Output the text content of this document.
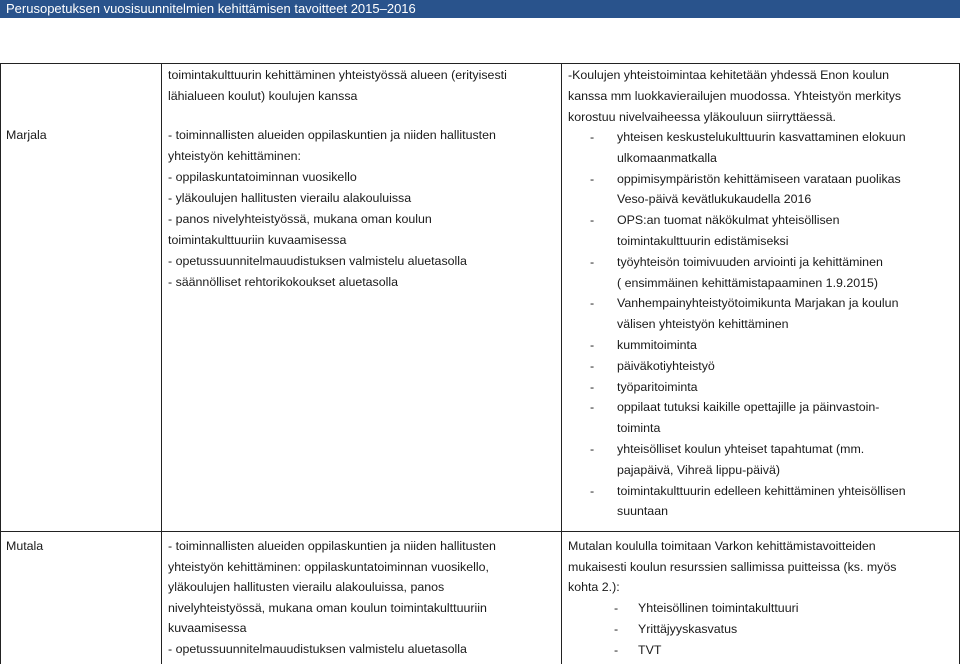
Perusopetuksen vuosisuunnitelmien kehittämisen tavoitteet 2015–2016
toimintakulttuurin kehittäminen yhteistyössä alueen (erityisesti
lähialueen koulut) koulujen kanssa
-Koulujen yhteistoimintaa kehitetään yhdessä Enon koulun
kanssa mm luokkavierailujen muodossa. Yhteistyön merkitys
korostuu nivelvaiheessa yläkouluun siirryttäessä.
Marjala	- toiminnallisten alueiden oppilaskuntien ja niiden hallitusten
yhteistyön kehittäminen:
- oppilaskuntatoiminnan vuosikello
- yläkoulujen hallitusten vierailu alakouluissa
- panos nivelyhteistyössä, mukana oman koulun
toimintakulttuuriin kuvaamisessa
- opetussuunnitelmauudistuksen valmistelu aluetasolla
- säännölliset rehtorikokoukset aluetasolla
- yhteisen keskustelukulttuurin kasvattaminen elokuun
ulkomaanmatkalla
- oppimisympäristön kehittämiseen varataan puolikas
Veso-päivä kevätlukukaudella 2016
- OPS:an tuomat näkökulmat yhteisöllisen
toimintakulttuurin edistämiseksi
- työyhteisön toimivuuden arviointi ja kehittäminen
( ensimmäinen kehittämistapaaminen 1.9.2015)
- Vanhempainyhteistyötoimikunta Marjakan ja koulun
välisen yhteistyön kehittäminen
- kummitoiminta
- päiväkotiyhteistyö
- työparitoiminta
- oppilaat tutuksi kaikille opettajille ja päinvastoin-
toiminta
- yhteisölliset koulun yhteiset tapahtumat (mm.
pajapäivä, Vihreä lippu-päivä)
- toimintakulttuurin edelleen kehittäminen yhteisöllisen
suuntaan
Mutala	- toiminnallisten alueiden oppilaskuntien ja niiden hallitusten
yhteistyön kehittäminen: oppilaskuntatoiminnan vuosikello,
yläkoulujen hallitusten vierailu alakouluissa, panos
nivelyhteistyössä, mukana oman koulun toimintakulttuuriin
kuvaamisessa
- opetussuunnitelmauudistuksen valmistelu aluetasolla
Mutalan koululla toimitaan Varkon kehittämistavoitteiden
mukaisesti koulun resurssien sallimissa puitteissa (ks. myös
kohta 2.):
- Yhteisöllinen toimintakulttuuri
- Yrittäjyyskasvatus
- TVT
